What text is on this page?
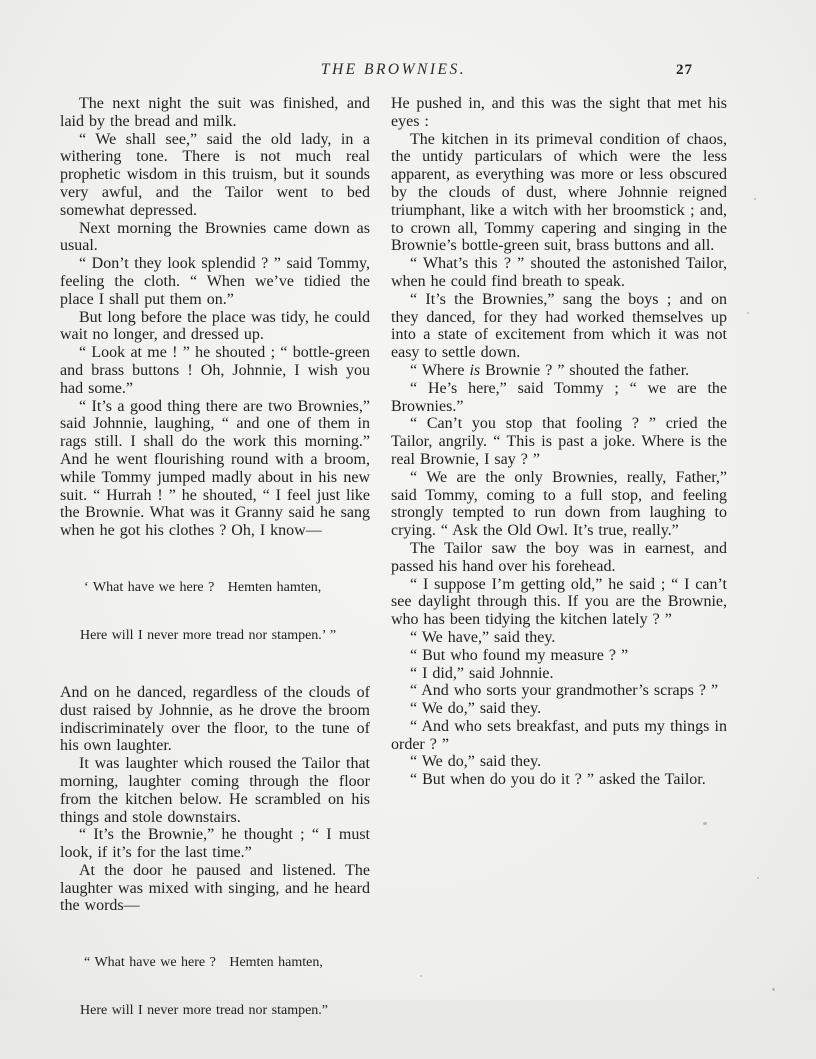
THE BROWNIES.	27

The next night the suit was finished, and laid by the bread and milk.

“ We shall see,” said the old lady, in a withering tone. There is not much real prophetic wisdom in this truism, but it sounds very awful, and the Tailor went to bed somewhat depressed.

Next morning the Brownies came down as usual.

“ Don’t they look splendid ? ” said Tommy, feeling the cloth. “ When we’ve tidied the place I shall put them on.”

But long before the place was tidy, he could wait no longer, and dressed up.

“ Look at me ! ” he shouted ; “ bottle-green and brass buttons ! Oh, Johnnie, I wish you had some.”

“ It’s a good thing there are two Brownies,” said Johnnie, laughing, “ and one of them in rags still. I shall do the work this morning.” And he went flourishing round with a broom, while Tommy jumped madly about in his new suit. “ Hurrah ! ” he shouted, “ I feel just like the Brownie. What was it Granny said he sang when he got his clothes ? Oh, I know—

‘ What have we here ?   Hemten hamten,

Here will I never more tread nor stampen.’ ”

And on he danced, regardless of the clouds of dust raised by Johnnie, as he drove the broom indiscriminately over the floor, to the tune of his own laughter.

It was laughter which roused the Tailor that morning, laughter coming through the floor from the kitchen below. He scrambled on his things and stole downstairs.

“ It’s the Brownie,” he thought ; “ I must look, if it’s for the last time.”

At the door he paused and listened. The laughter was mixed with singing, and he heard the words—

“ What have we here ?   Hemten hamten,

Here will I never more tread nor stampen.”

He pushed in, and this was the sight that met his eyes :

The kitchen in its primeval condition of chaos, the untidy particulars of which were the less apparent, as everything was more or less obscured by the clouds of dust, where Johnnie reigned triumphant, like a witch with her broomstick ; and, to crown all, Tommy capering and singing in the Brownie’s bottle-green suit, brass buttons and all.

“ What’s this ? ” shouted the astonished Tailor, when he could find breath to speak.

“ It’s the Brownies,” sang the boys ; and on they danced, for they had worked themselves up into a state of excitement from which it was not easy to settle down.

“ Where is Brownie ? ” shouted the father.

“ He’s here,” said Tommy ; “ we are the Brownies.”

“ Can’t you stop that fooling ? ” cried the Tailor, angrily. “ This is past a joke. Where is the real Brownie, I say ? ”

“ We are the only Brownies, really, Father,” said Tommy, coming to a full stop, and feeling strongly tempted to run down from laughing to crying. “ Ask the Old Owl. It’s true, really.”

The Tailor saw the boy was in earnest, and passed his hand over his forehead.

“ I suppose I’m getting old,” he said ; “ I can’t see daylight through this. If you are the Brownie, who has been tidying the kitchen lately ? ”

“ We have,” said they.

“ But who found my measure ? ”

“ I did,” said Johnnie.

“ And who sorts your grandmother’s scraps ? ”

“ We do,” said they.

“ And who sets breakfast, and puts my things in order ? ”

“ We do,” said they.

“ But when do you do it ? ” asked the Tailor.
